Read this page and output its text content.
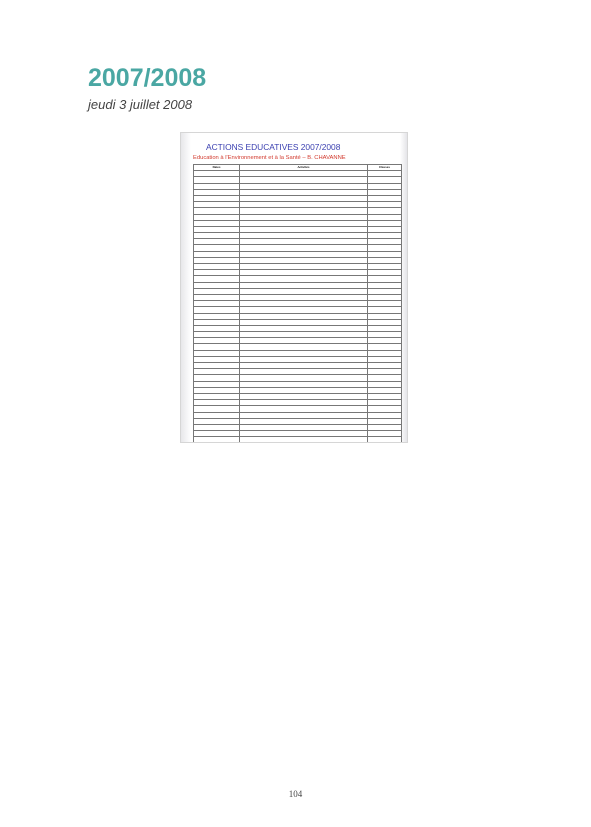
2007/2008
jeudi 3 juillet 2008
ACTIONS EDUCATIVES 2007/2008
Education à l'Environnement et à la Santé – B. CHAVANNE
Dates	Activités	Classes

104
